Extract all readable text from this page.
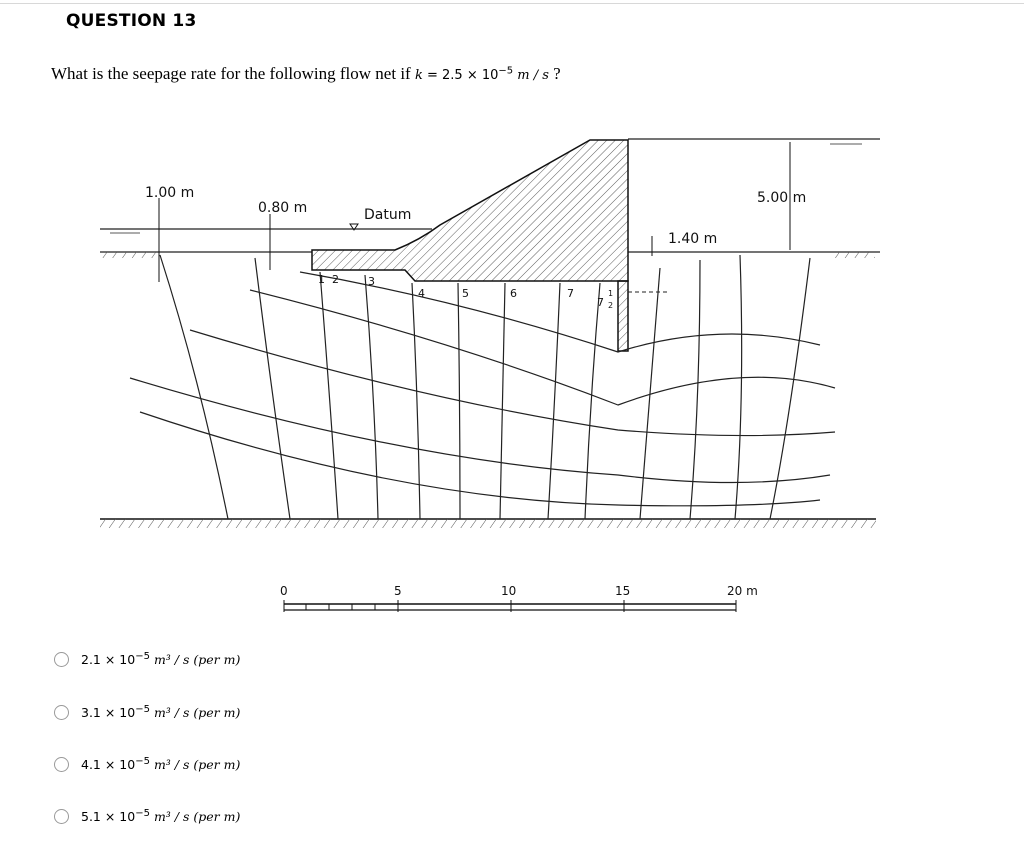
QUESTION 13
What is the seepage rate for the following flow net if $k = 2.5 \times 10^{-5}$ m / s ?
1 2	3
4	5	6	7
7
1
2
1.00 m
0.80 m	Datum
1.40 m
5.00 m
0	5	10	15	20 m
$2.1 \times 10^{-5}$ m³ / s (per m)
$3.1 \times 10^{-5}$ m³ / s (per m)
$4.1 \times 10^{-5}$ m³ / s (per m)
$5.1 \times 10^{-5}$ m³ / s (per m)
